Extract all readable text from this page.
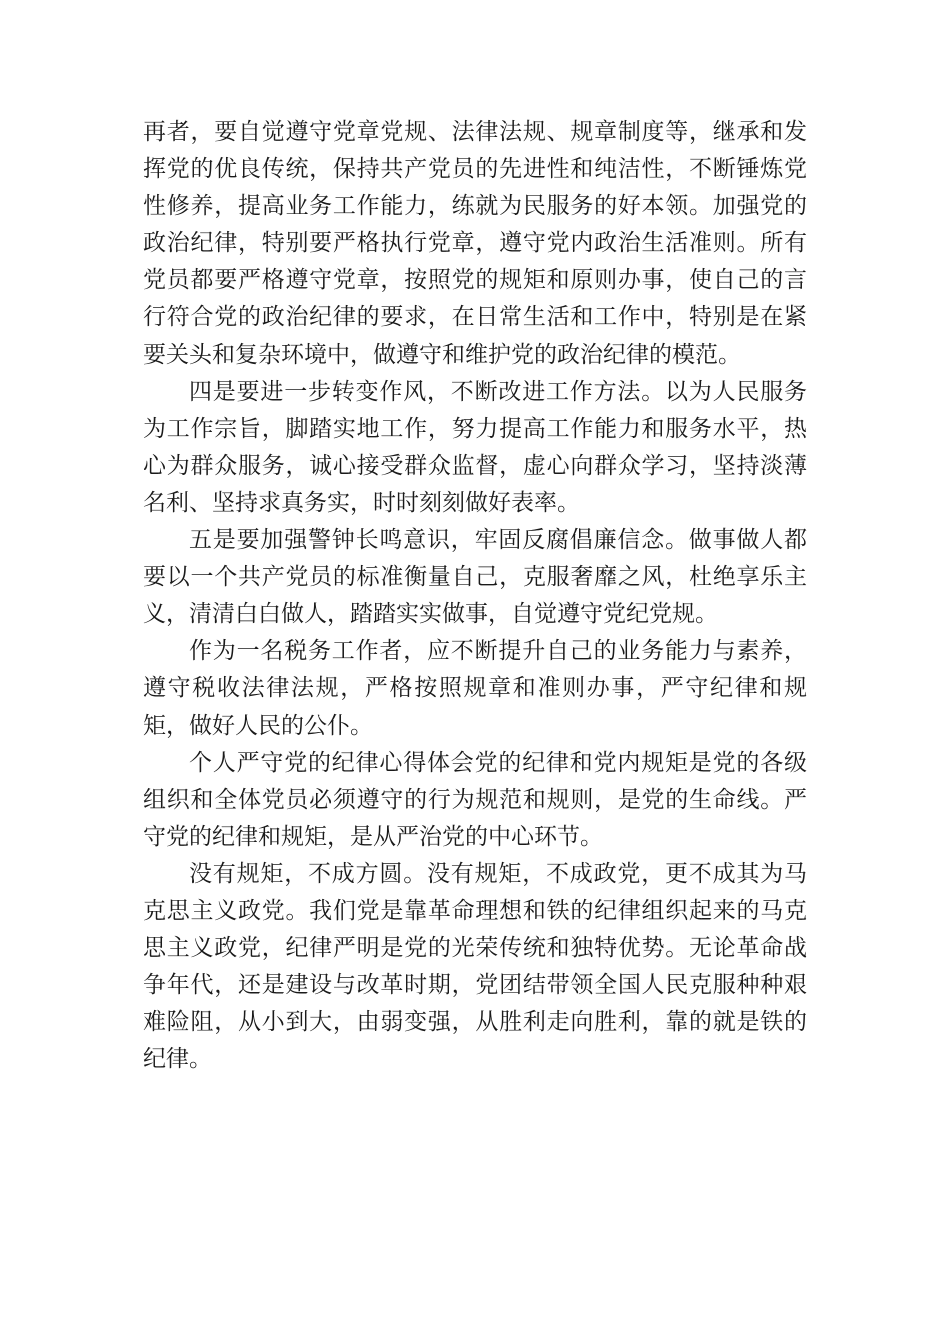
再者，要自觉遵守党章党规、法律法规、规章制度等，继承和发挥党的优良传统，保持共产党员的先进性和纯洁性，不断锤炼党性修养，提高业务工作能力，练就为民服务的好本领。加强党的政治纪律，特别要严格执行党章，遵守党内政治生活准则。所有党员都要严格遵守党章，按照党的规矩和原则办事，使自己的言行符合党的政治纪律的要求，在日常生活和工作中，特别是在紧要关头和复杂环境中，做遵守和维护党的政治纪律的模范。

四是要进一步转变作风，不断改进工作方法。以为人民服务为工作宗旨，脚踏实地工作，努力提高工作能力和服务水平，热心为群众服务，诚心接受群众监督，虚心向群众学习，坚持淡薄名利、坚持求真务实，时时刻刻做好表率。

五是要加强警钟长鸣意识，牢固反腐倡廉信念。做事做人都要以一个共产党员的标准衡量自己，克服奢靡之风，杜绝享乐主义，清清白白做人，踏踏实实做事，自觉遵守党纪党规。

作为一名税务工作者，应不断提升自己的业务能力与素养，遵守税收法律法规，严格按照规章和准则办事，严守纪律和规矩，做好人民的公仆。

个人严守党的纪律心得体会党的纪律和党内规矩是党的各级组织和全体党员必须遵守的行为规范和规则，是党的生命线。严守党的纪律和规矩，是从严治党的中心环节。

没有规矩，不成方圆。没有规矩，不成政党，更不成其为马克思主义政党。我们党是靠革命理想和铁的纪律组织起来的马克思主义政党，纪律严明是党的光荣传统和独特优势。无论革命战争年代，还是建设与改革时期，党团结带领全国人民克服种种艰难险阻，从小到大，由弱变强，从胜利走向胜利，靠的就是铁的纪律。
